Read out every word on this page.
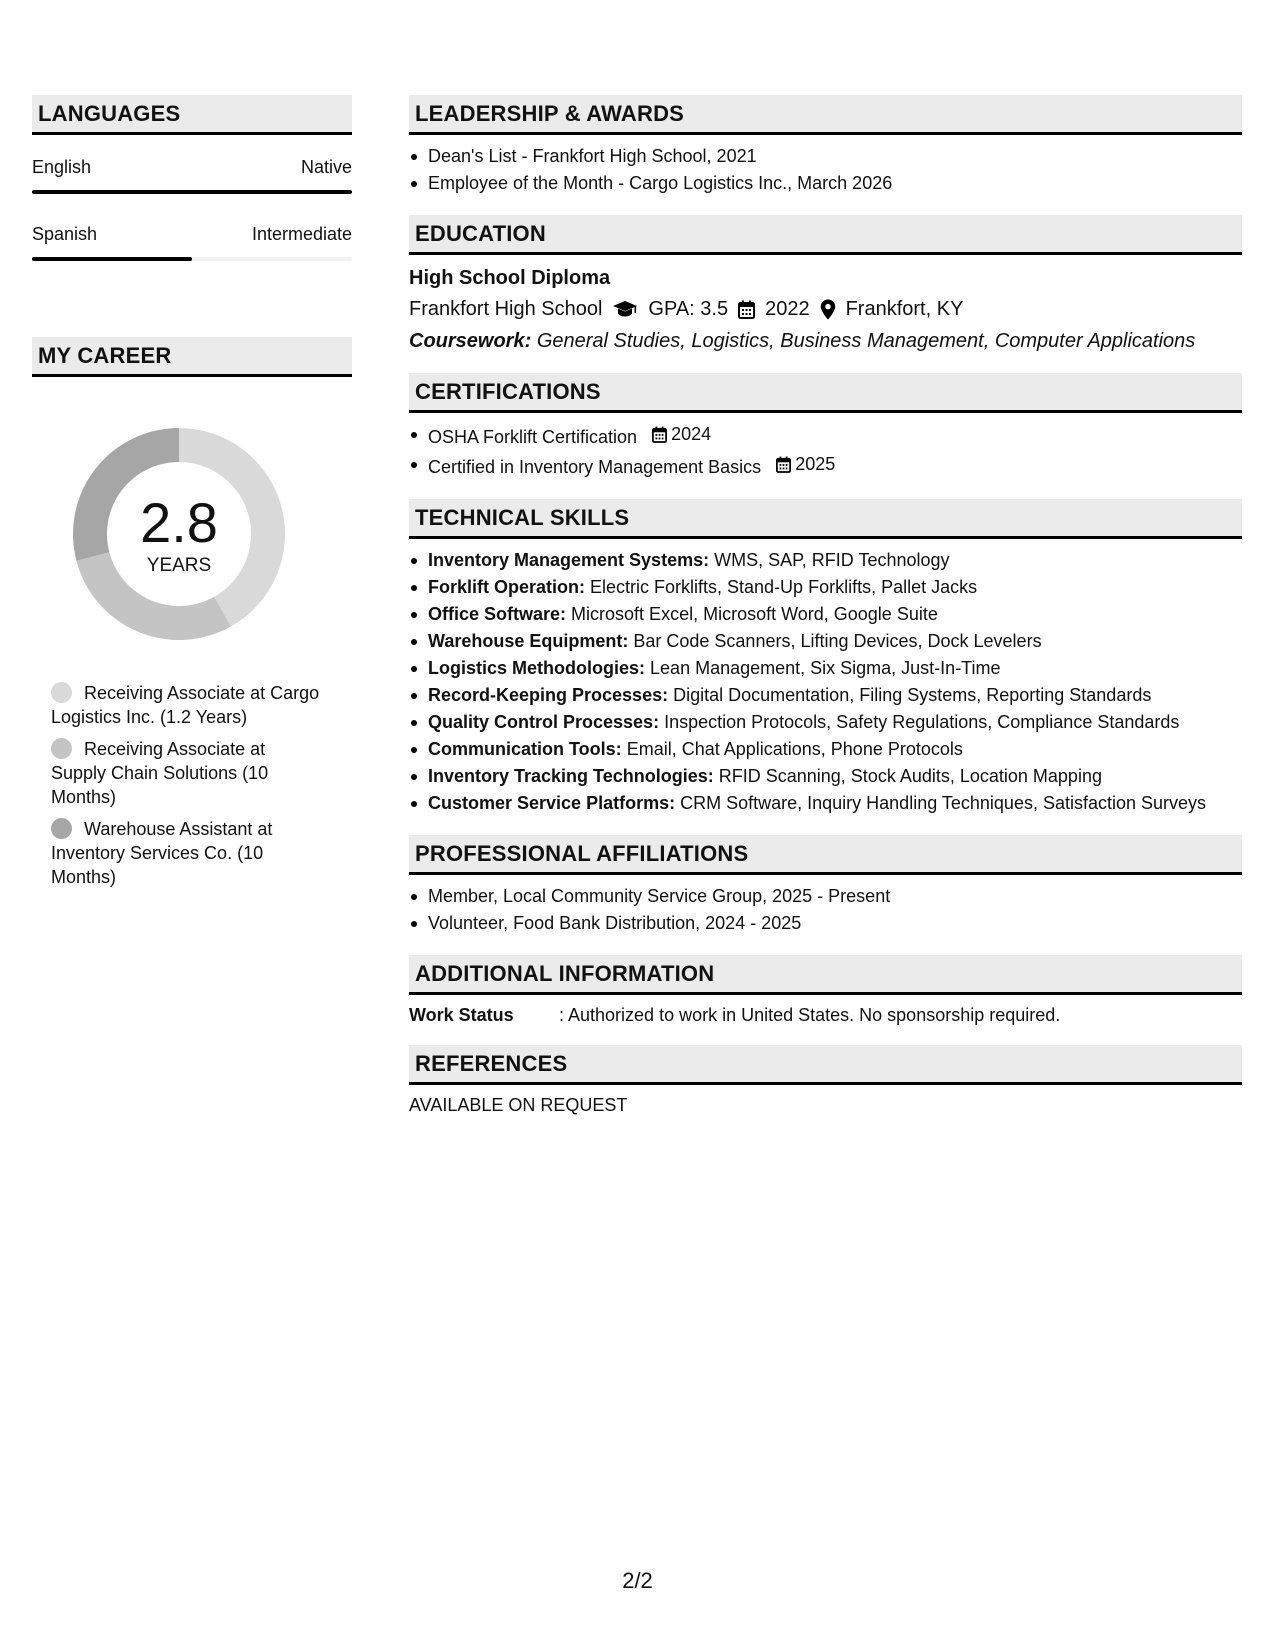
LANGUAGES
English	Native
Spanish	Intermediate
MY CAREER
2.8
YEARS
Receiving Associate at Cargo Logistics Inc. (1.2 Years)
Receiving Associate at Supply Chain Solutions (10 Months)
Warehouse Assistant at Inventory Services Co. (10 Months)
LEADERSHIP & AWARDS
Dean's List - Frankfort High School, 2021
Employee of the Month - Cargo Logistics Inc., March 2026
EDUCATION
High School Diploma
Frankfort High School GPA: 3.5 2022 Frankfort, KY
Coursework: General Studies, Logistics, Business Management, Computer Applications
CERTIFICATIONS
OSHA Forklift Certification 2024
Certified in Inventory Management Basics 2025
TECHNICAL SKILLS
Inventory Management Systems: WMS, SAP, RFID Technology
Forklift Operation: Electric Forklifts, Stand-Up Forklifts, Pallet Jacks
Office Software: Microsoft Excel, Microsoft Word, Google Suite
Warehouse Equipment: Bar Code Scanners, Lifting Devices, Dock Levelers
Logistics Methodologies: Lean Management, Six Sigma, Just-In-Time
Record-Keeping Processes: Digital Documentation, Filing Systems, Reporting Standards
Quality Control Processes: Inspection Protocols, Safety Regulations, Compliance Standards
Communication Tools: Email, Chat Applications, Phone Protocols
Inventory Tracking Technologies: RFID Scanning, Stock Audits, Location Mapping
Customer Service Platforms: CRM Software, Inquiry Handling Techniques, Satisfaction Surveys
PROFESSIONAL AFFILIATIONS
Member, Local Community Service Group, 2025 - Present
Volunteer, Food Bank Distribution, 2024 - 2025
ADDITIONAL INFORMATION
Work Status	: Authorized to work in United States. No sponsorship required.
REFERENCES
AVAILABLE ON REQUEST
2/2
